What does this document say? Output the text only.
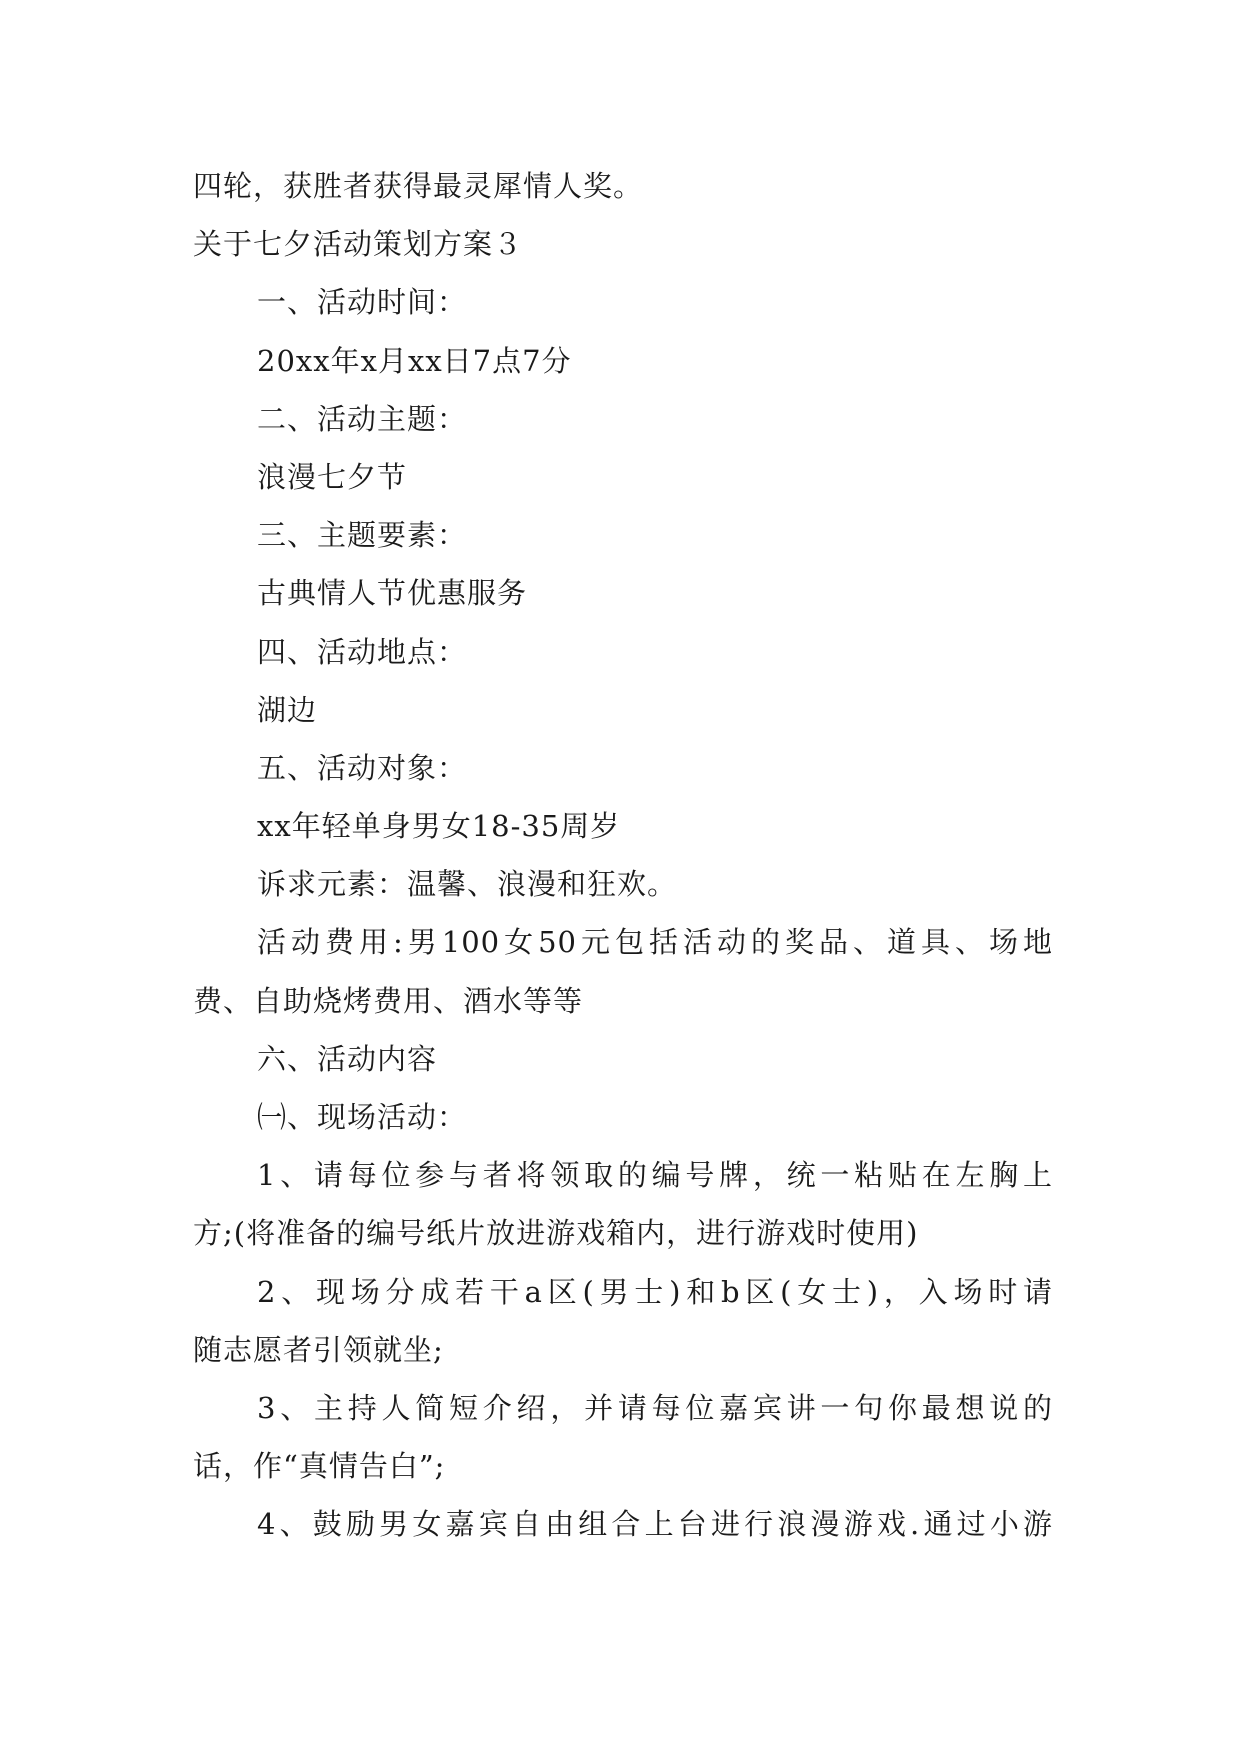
四轮，获胜者获得最灵犀情人奖。
关于七夕活动策划方案３
一、活动时间：
20xx年x月xx日7点7分
二、活动主题：
浪漫七夕节
三、主题要素：
古典情人节优惠服务
四、活动地点：
湖边
五、活动对象：
xx年轻单身男女18-35周岁
诉求元素：温馨、浪漫和狂欢。
活动费用:男100女50元包括活动的奖品、道具、场地
费、自助烧烤费用、酒水等等
六、活动内容
㈠、现场活动：
1、请每位参与者将领取的编号牌，统一粘贴在左胸上
方;(将准备的编号纸片放进游戏箱内，进行游戏时使用)
2、现场分成若干a区(男士)和b区(女士)，入场时请
随志愿者引领就坐;
3、主持人简短介绍，并请每位嘉宾讲一句你最想说的
话，作“真情告白”;
4、鼓励男女嘉宾自由组合上台进行浪漫游戏.通过小游
